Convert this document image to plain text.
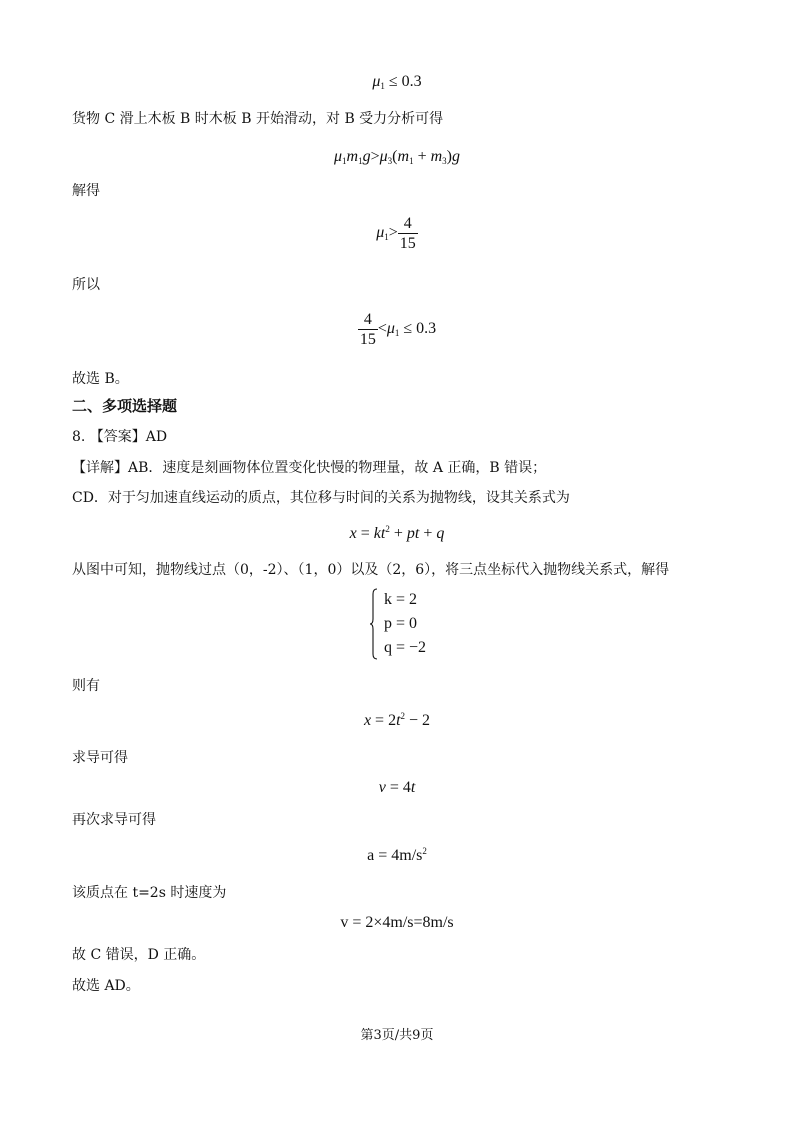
$\mu_1 \le 0.3$
货物 C 滑上木板 B 时木板 B 开始滑动，对 B 受力分析可得
$\mu_1m_1g>\mu_3(m_1 + m_3)g$
解得
$\mu_1> \frac{4}{15}$
所以
$\frac{4}{15} <\mu_1 \le 0.3$
故选 B。
二、多项选择题
8. 【答案】AD
【详解】AB．速度是刻画物体位置变化快慢的物理量，故 A 正确，B 错误；
CD．对于匀加速直线运动的质点，其位移与时间的关系为抛物线，设其关系式为
$x = kt^2$ + pt + q
从图中可知，抛物线过点（0，-2）、（1，0）以及（2，6），将三点坐标代入抛物线关系式，解得
k = 2
p = 0
q = −2
则有
$x = 2t^2 - 2$
求导可得
v = 4t
再次求导可得
$a = 4m/s^2$
该质点在 t=2s 时速度为
v = 2×4m/s=8m/s
故 C 错误，D 正确。
故选 AD。
第3页/共9页
